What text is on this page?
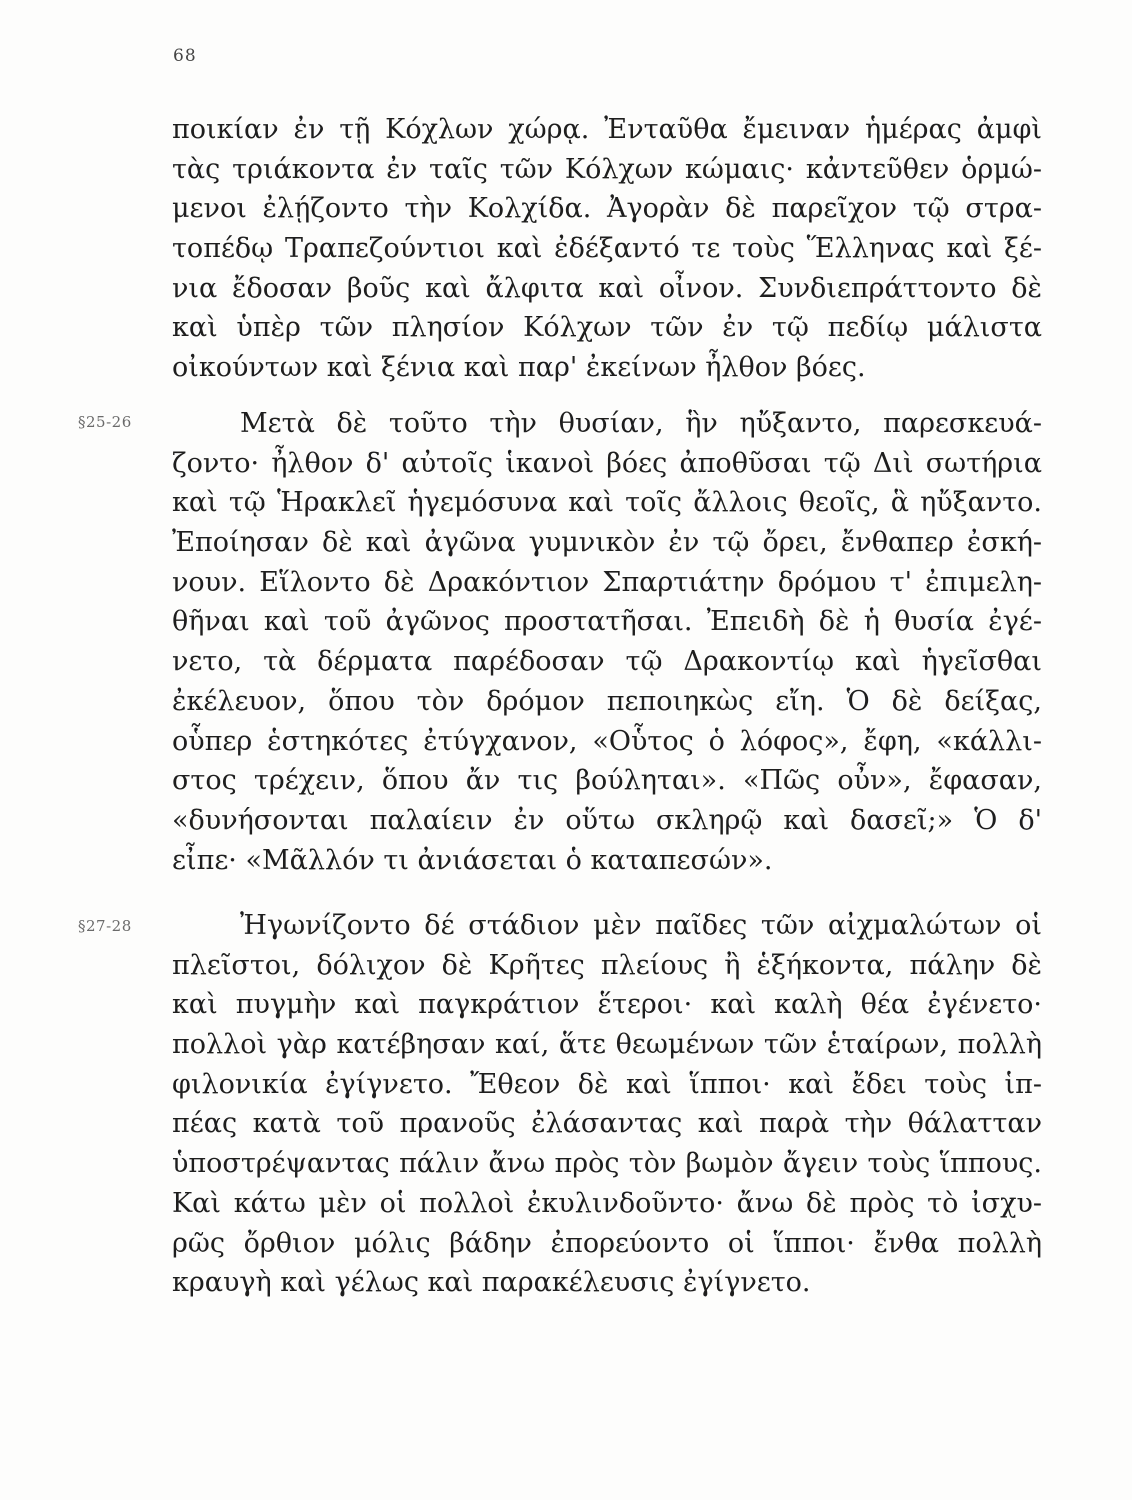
68
§25-26
§27-28
ποικίαν ἐν τῇ Κόχλων χώρᾳ. Ἐνταῦθα ἔμειναν ἡμέρας ἀμφὶ
τὰς τριάκοντα ἐν ταῖς τῶν Κόλχων κώμαις· κἀντεῦθεν ὁρμώ-
μενοι ἐλῄζοντο τὴν Κολχίδα. Ἀγορὰν δὲ παρεῖχον τῷ στρα-
τοπέδῳ Τραπεζούντιοι καὶ ἐδέξαντό τε τοὺς Ἕλληνας καὶ ξέ-
νια ἔδοσαν βοῦς καὶ ἄλφιτα καὶ οἶνον. Συνδιεπράττοντο δὲ
καὶ ὑπὲρ τῶν πλησίον Κόλχων τῶν ἐν τῷ πεδίῳ μάλιστα
οἰκούντων καὶ ξένια καὶ παρ' ἐκείνων ἦλθον βόες.
Μετὰ δὲ τοῦτο τὴν θυσίαν, ἣν ηὔξαντο, παρεσκευά-
ζοντο· ἦλθον δ' αὐτοῖς ἱκανοὶ βόες ἀποθῦσαι τῷ Διὶ σωτήρια
καὶ τῷ Ἡρακλεῖ ἡγεμόσυνα καὶ τοῖς ἄλλοις θεοῖς, ἃ ηὔξαντο.
Ἐποίησαν δὲ καὶ ἀγῶνα γυμνικὸν ἐν τῷ ὄρει, ἔνθαπερ ἐσκή-
νουν. Εἵλοντο δὲ Δρακόντιον Σπαρτιάτην δρόμου τ' ἐπιμελη-
θῆναι καὶ τοῦ ἀγῶνος προστατῆσαι. Ἐπειδὴ δὲ ἡ θυσία ἐγέ-
νετο, τὰ δέρματα παρέδοσαν τῷ Δρακοντίῳ καὶ ἡγεῖσθαι
ἐκέλευον, ὅπου τὸν δρόμον πεποιηκὼς εἴη. Ὁ δὲ δείξας,
οὗπερ ἑστηκότες ἐτύγχανον, «Οὗτος ὁ λόφος», ἔφη, «κάλλι-
στος τρέχειν, ὅπου ἄν τις βούληται». «Πῶς οὖν», ἔφασαν,
«δυνήσονται παλαίειν ἐν οὕτω σκληρῷ καὶ δασεῖ;» Ὁ δ'
εἶπε· «Μᾶλλόν τι ἀνιάσεται ὁ καταπεσών».
Ἠγωνίζοντο δέ στάδιον μὲν παῖδες τῶν αἰχμαλώτων οἱ
πλεῖστοι, δόλιχον δὲ Κρῆτες πλείους ἢ ἑξήκοντα, πάλην δὲ
καὶ πυγμὴν καὶ παγκράτιον ἕτεροι· καὶ καλὴ θέα ἐγένετο·
πολλοὶ γὰρ κατέβησαν καί, ἅτε θεωμένων τῶν ἑταίρων, πολλὴ
φιλονικία ἐγίγνετο. Ἔθεον δὲ καὶ ἵπποι· καὶ ἔδει τοὺς ἱπ-
πέας κατὰ τοῦ πρανοῦς ἐλάσαντας καὶ παρὰ τὴν θάλατταν
ὑποστρέψαντας πάλιν ἄνω πρὸς τὸν βωμὸν ἄγειν τοὺς ἵππους.
Καὶ κάτω μὲν οἱ πολλοὶ ἐκυλινδοῦντο· ἄνω δὲ πρὸς τὸ ἰσχυ-
ρῶς ὄρθιον μόλις βάδην ἐπορεύοντο οἱ ἵπποι· ἔνθα πολλὴ
κραυγὴ καὶ γέλως καὶ παρακέλευσις ἐγίγνετο.
